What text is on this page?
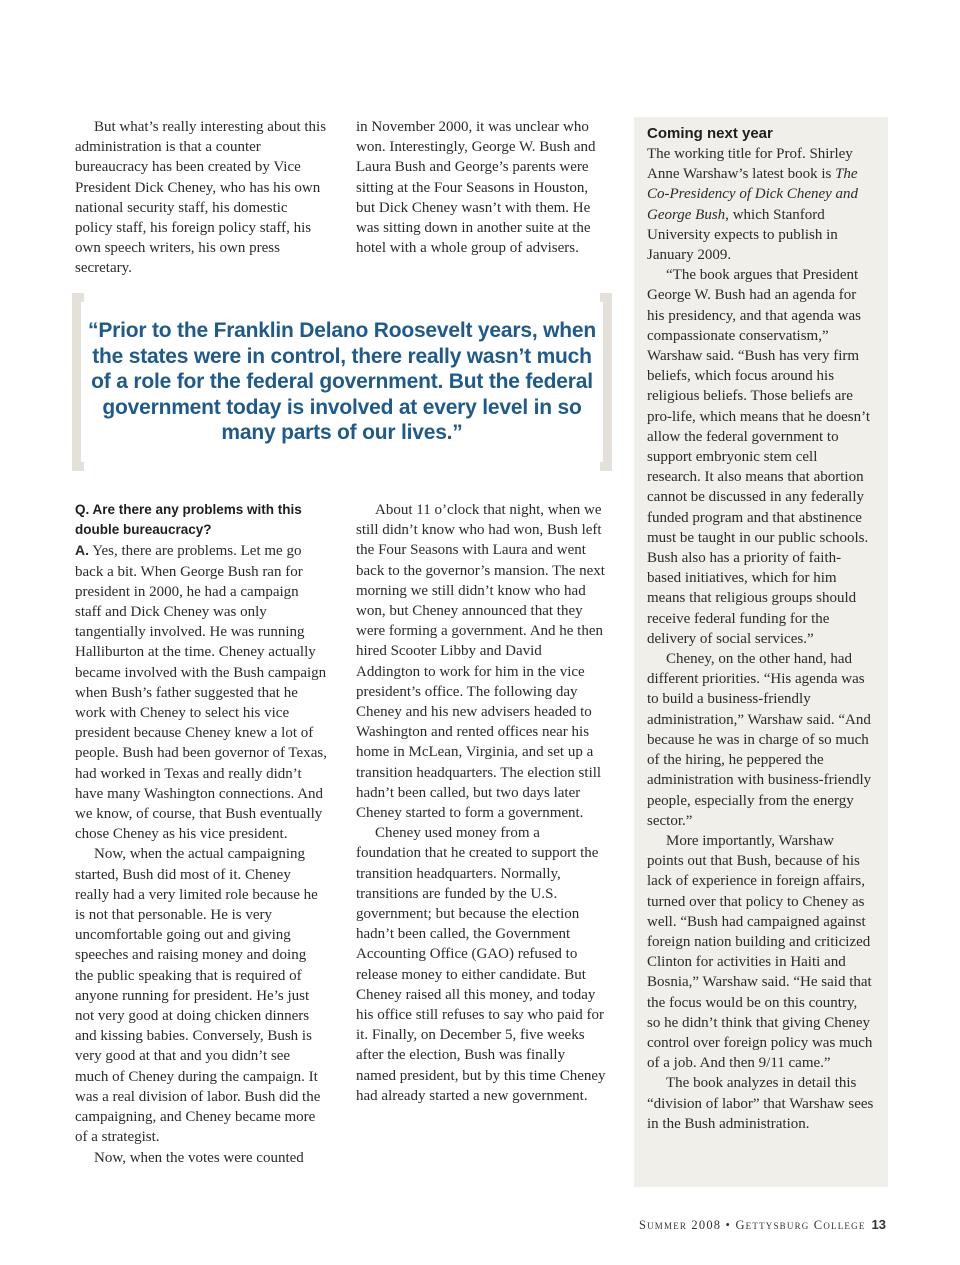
But what’s really interesting about this administration is that a counter bureaucracy has been created by Vice President Dick Cheney, who has his own national security staff, his domestic policy staff, his foreign policy staff, his own speech writers, his own press secretary.

in November 2000, it was unclear who won. Interestingly, George W. Bush and Laura Bush and George’s parents were sitting at the Four Seasons in Houston, but Dick Cheney wasn’t with them. He was sitting down in another suite at the hotel with a whole group of advisers.

“Prior to the Franklin Delano Roosevelt years, when the states were in control, there really wasn’t much of a role for the federal government. But the federal government today is involved at every level in so many parts of our lives.”

Q. Are there any problems with this double bureaucracy?

A. Yes, there are problems. Let me go back a bit. When George Bush ran for president in 2000, he had a campaign staff and Dick Cheney was only tangentially involved. He was running Halliburton at the time. Cheney actually became involved with the Bush campaign when Bush’s father suggested that he work with Cheney to select his vice president because Cheney knew a lot of people. Bush had been governor of Texas, had worked in Texas and really didn’t have many Washington connections. And we know, of course, that Bush eventually chose Cheney as his vice president.

Now, when the actual campaigning started, Bush did most of it. Cheney really had a very limited role because he is not that personable. He is very uncomfortable going out and giving speeches and raising money and doing the public speaking that is required of anyone running for president. He’s just not very good at doing chicken dinners and kissing babies. Conversely, Bush is very good at that and you didn’t see much of Cheney during the campaign. It was a real division of labor. Bush did the campaigning, and Cheney became more of a strategist.

Now, when the votes were counted

About 11 o’clock that night, when we still didn’t know who had won, Bush left the Four Seasons with Laura and went back to the governor’s mansion. The next morning we still didn’t know who had won, but Cheney announced that they were forming a government. And he then hired Scooter Libby and David Addington to work for him in the vice president’s office. The following day Cheney and his new advisers headed to Washington and rented offices near his home in McLean, Virginia, and set up a transition headquarters. The election still hadn’t been called, but two days later Cheney started to form a government.

Cheney used money from a foundation that he created to support the transition headquarters. Normally, transitions are funded by the U.S. government; but because the election hadn’t been called, the Government Accounting Office (GAO) refused to release money to either candidate. But Cheney raised all this money, and today his office still refuses to say who paid for it. Finally, on December 5, five weeks after the election, Bush was finally named president, but by this time Cheney had already started a new government.

Coming next year

The working title for Prof. Shirley Anne Warshaw’s latest book is The Co-Presidency of Dick Cheney and George Bush, which Stanford University expects to publish in January 2009.

“The book argues that President George W. Bush had an agenda for his presidency, and that agenda was compassionate conservatism,” Warshaw said. “Bush has very firm beliefs, which focus around his religious beliefs. Those beliefs are pro-life, which means that he doesn’t allow the federal government to support embryonic stem cell research. It also means that abortion cannot be discussed in any federally funded program and that abstinence must be taught in our public schools. Bush also has a priority of faith-based initiatives, which for him means that religious groups should receive federal funding for the delivery of social services.”

Cheney, on the other hand, had different priorities. “His agenda was to build a business-friendly administration,” Warshaw said. “And because he was in charge of so much of the hiring, he peppered the administration with business-friendly people, especially from the energy sector.”

More importantly, Warshaw points out that Bush, because of his lack of experience in foreign affairs, turned over that policy to Cheney as well. “Bush had campaigned against foreign nation building and criticized Clinton for activities in Haiti and Bosnia,” Warshaw said. “He said that the focus would be on this country, so he didn’t think that giving Cheney control over foreign policy was much of a job. And then 9/11 came.”

The book analyzes in detail this “division of labor” that Warshaw sees in the Bush administration.

Summer 2008 • Gettysburg College 13
